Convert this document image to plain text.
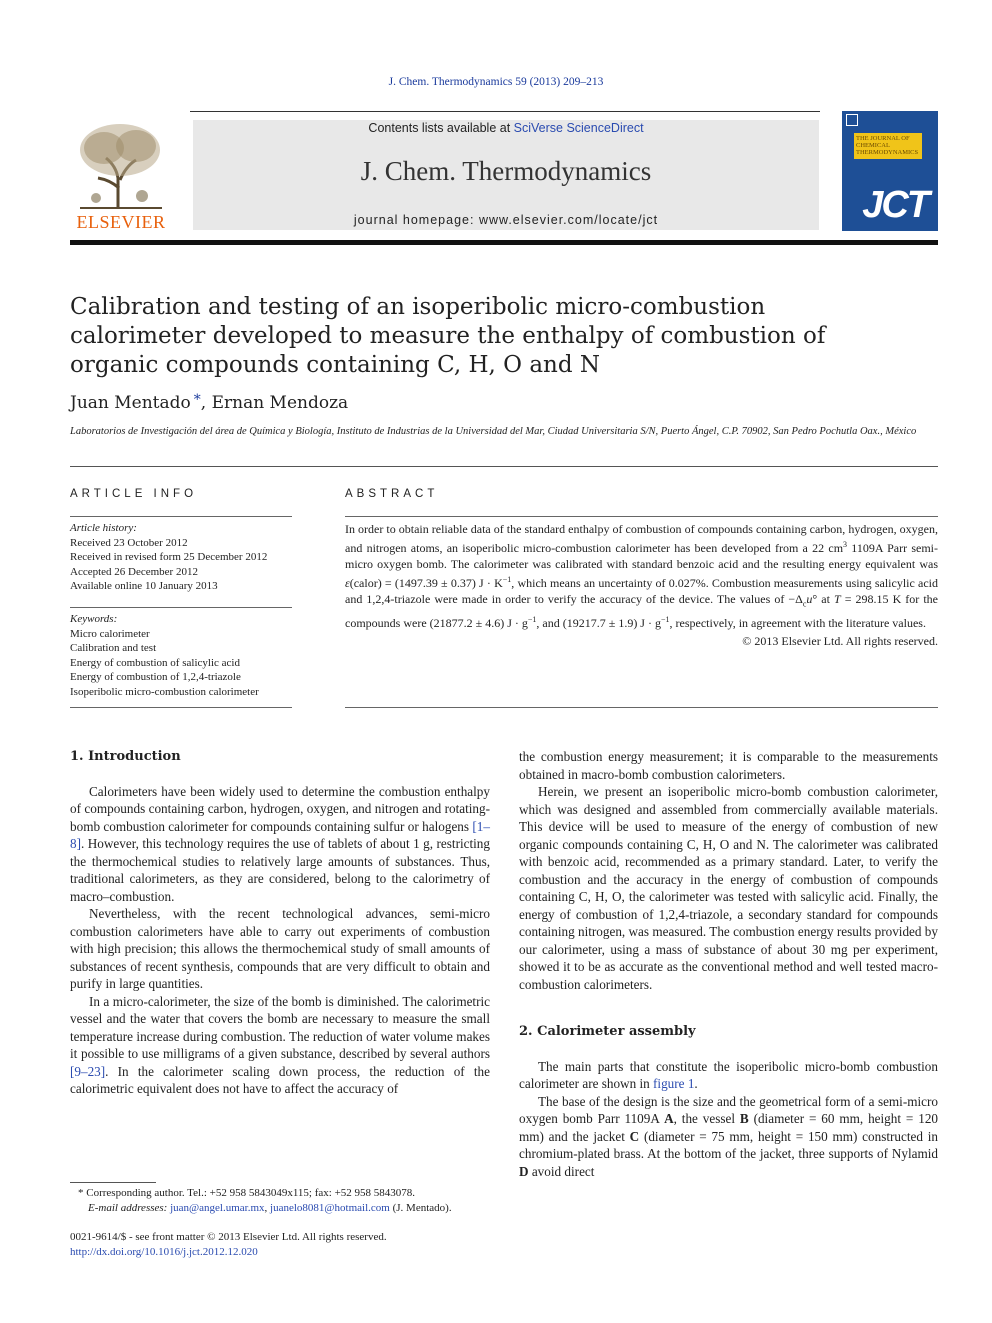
J. Chem. Thermodynamics 59 (2013) 209–213
ELSEVIER
Contents lists available at SciVerse ScienceDirect
J. Chem. Thermodynamics
journal homepage: www.elsevier.com/locate/jct
THE JOURNAL OF CHEMICAL THERMODYNAMICS
JCT
Calibration and testing of an isoperibolic micro-combustion calorimeter developed to measure the enthalpy of combustion of organic compounds containing C, H, O and N
Juan Mentado *, Ernan Mendoza
Laboratorios de Investigación del área de Química y Biología, Instituto de Industrias de la Universidad del Mar, Ciudad Universitaria S/N, Puerto Ángel, C.P. 70902, San Pedro Pochutla Oax., México
ARTICLE INFO	ABSTRACT
Article history:
Received 23 October 2012
Received in revised form 25 December 2012
Accepted 26 December 2012
Available online 10 January 2013
Keywords:
Micro calorimeter
Calibration and test
Energy of combustion of salicylic acid
Energy of combustion of 1,2,4-triazole
Isoperibolic micro-combustion calorimeter
In order to obtain reliable data of the standard enthalpy of combustion of compounds containing carbon, hydrogen, oxygen, and nitrogen atoms, an isoperibolic micro-combustion calorimeter has been developed from a 22 $cm^3$ 1109A Parr semi-micro oxygen bomb. The calorimeter was calibrated with standard benzoic acid and the resulting energy equivalent was ε(calor) = (1497.39 ± 0.37) $J \cdot K^{-1}$, which means an uncertainty of 0.027%. Combustion measurements using salicylic acid and 1,2,4-triazole were made in order to verify the accuracy of the device. The values of $-\Delta_cu^\circ$ at T = 298.15 K for the compounds were (21877.2 ± 4.6) $J \cdot g^{-1}$, and (19217.7 ± 1.9) $J \cdot g^{-1}$, respectively, in agreement with the literature values.
© 2013 Elsevier Ltd. All rights reserved.
1. Introduction

Calorimeters have been widely used to determine the combustion enthalpy of compounds containing carbon, hydrogen, oxygen, and nitrogen and rotating-bomb combustion calorimeter for compounds containing sulfur or halogens [1–8]. However, this technology requires the use of tablets of about 1 g, restricting the thermochemical studies to relatively large amounts of substances. Thus, traditional calorimeters, as they are considered, belong to the calorimetry of macro–combustion.

Nevertheless, with the recent technological advances, semi-micro combustion calorimeters have able to carry out experiments of combustion with high precision; this allows the thermochemical study of small amounts of substances of recent synthesis, compounds that are very difficult to obtain and purify in large quantities.

In a micro-calorimeter, the size of the bomb is diminished. The calorimetric vessel and the water that covers the bomb are necessary to measure the small temperature increase during combustion. The reduction of water volume makes it possible to use milligrams of a given substance, described by several authors [9–23]. In the calorimeter scaling down process, the reduction of the calorimetric equivalent does not have to affect the accuracy of

the combustion energy measurement; it is comparable to the measurements obtained in macro-bomb combustion calorimeters.

Herein, we present an isoperibolic micro-bomb combustion calorimeter, which was designed and assembled from commercially available materials. This device will be used to measure of the energy of combustion of new organic compounds containing C, H, O and N. The calorimeter was calibrated with benzoic acid, recommended as a primary standard. Later, to verify the combustion and the accuracy in the energy of combustion of compounds containing C, H, O, the calorimeter was tested with salicylic acid. Finally, the energy of combustion of 1,2,4-triazole, a secondary standard for compounds containing nitrogen, was measured. The combustion energy results provided by our calorimeter, using a mass of substance of about 30 mg per experiment, showed it to be as accurate as the conventional method and well tested macro-combustion calorimeters.

2. Calorimeter assembly

The main parts that constitute the isoperibolic micro-bomb combustion calorimeter are shown in figure 1.

The base of the design is the size and the geometrical form of a semi-micro oxygen bomb Parr 1109A A, the vessel B (diameter = 60 mm, height = 120 mm) and the jacket C (diameter = 75 mm, height = 150 mm) constructed in chromium-plated brass. At the bottom of the jacket, three supports of Nylamid D avoid direct

* Corresponding author. Tel.: +52 958 5843049x115; fax: +52 958 5843078.
E-mail addresses: juan@angel.umar.mx, juanelo8081@hotmail.com (J. Mentado).
0021-9614/$ - see front matter © 2013 Elsevier Ltd. All rights reserved.
http://dx.doi.org/10.1016/j.jct.2012.12.020
